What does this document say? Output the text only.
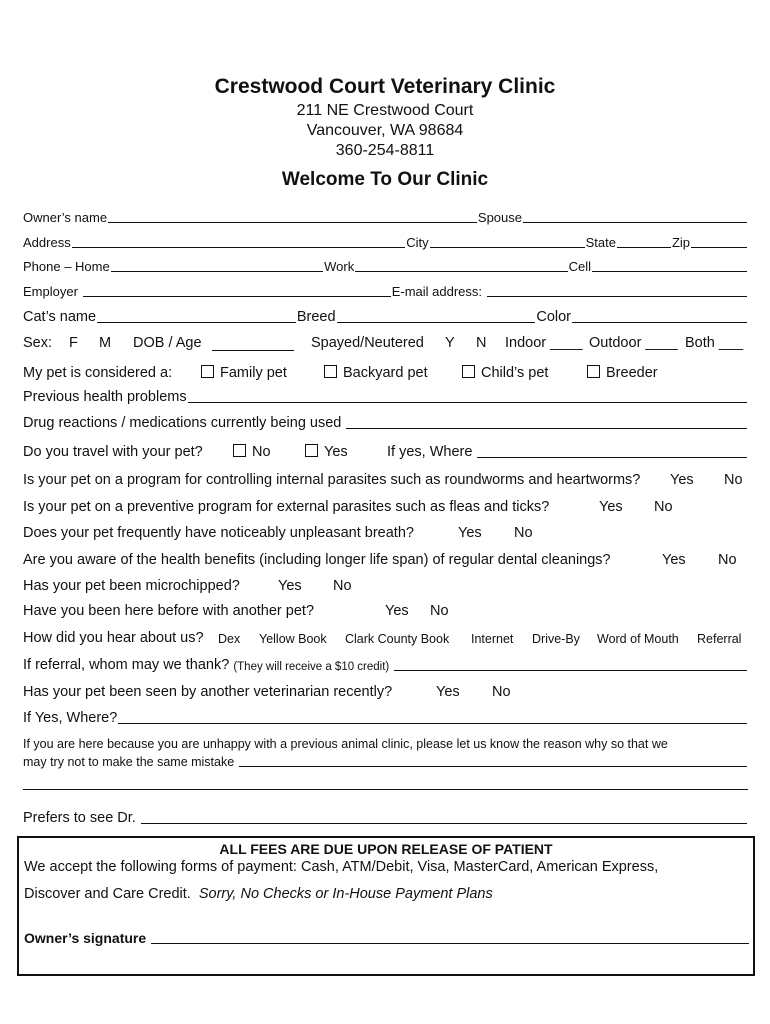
Crestwood Court Veterinary Clinic
211 NE Crestwood Court
Vancouver, WA 98684
360-254-8811
Welcome To Our Clinic
Owner’s name	Spouse
Address	City	State	Zip
Phone – Home	Work	Cell
Employer	E-mail address:
Cat’s name	Breed	Color
Sex: F M DOB / Age	Spayed/Neutered Y N Indoor ____ Outdoor ____ Both ___
My pet is considered a:	Family pet	Backyard pet	Child’s pet	Breeder
Previous health problems
Drug reactions / medications currently being used
Do you travel with your pet?	No	Yes	If yes, Where
Is your pet on a program for controlling internal parasites such as roundworms and heartworms? Yes No
Is your pet on a preventive program for external parasites such as fleas and ticks?	Yes No
Does your pet frequently have noticeably unpleasant breath?	Yes No
Are you aware of the health benefits (including longer life span) of regular dental cleanings?	Yes No
Has your pet been microchipped?	Yes No
Have you been here before with another pet?	Yes No
How did you hear about us? Dex Yellow Book Clark County Book Internet Drive-By Word of Mouth Referral
If referral, whom may we thank? (They will receive a $10 credit)
Has your pet been seen by another veterinarian recently?	Yes No
If Yes, Where?
If you are here because you are unhappy with a previous animal clinic, please let us know the reason why so that we
may try not to make the same mistake
Prefers to see Dr.
ALL FEES ARE DUE UPON RELEASE OF PATIENT
We accept the following forms of payment: Cash, ATM/Debit, Visa, MasterCard, American Express,
Discover and Care Credit. Sorry, No Checks or In-House Payment Plans
Owner’s signature
